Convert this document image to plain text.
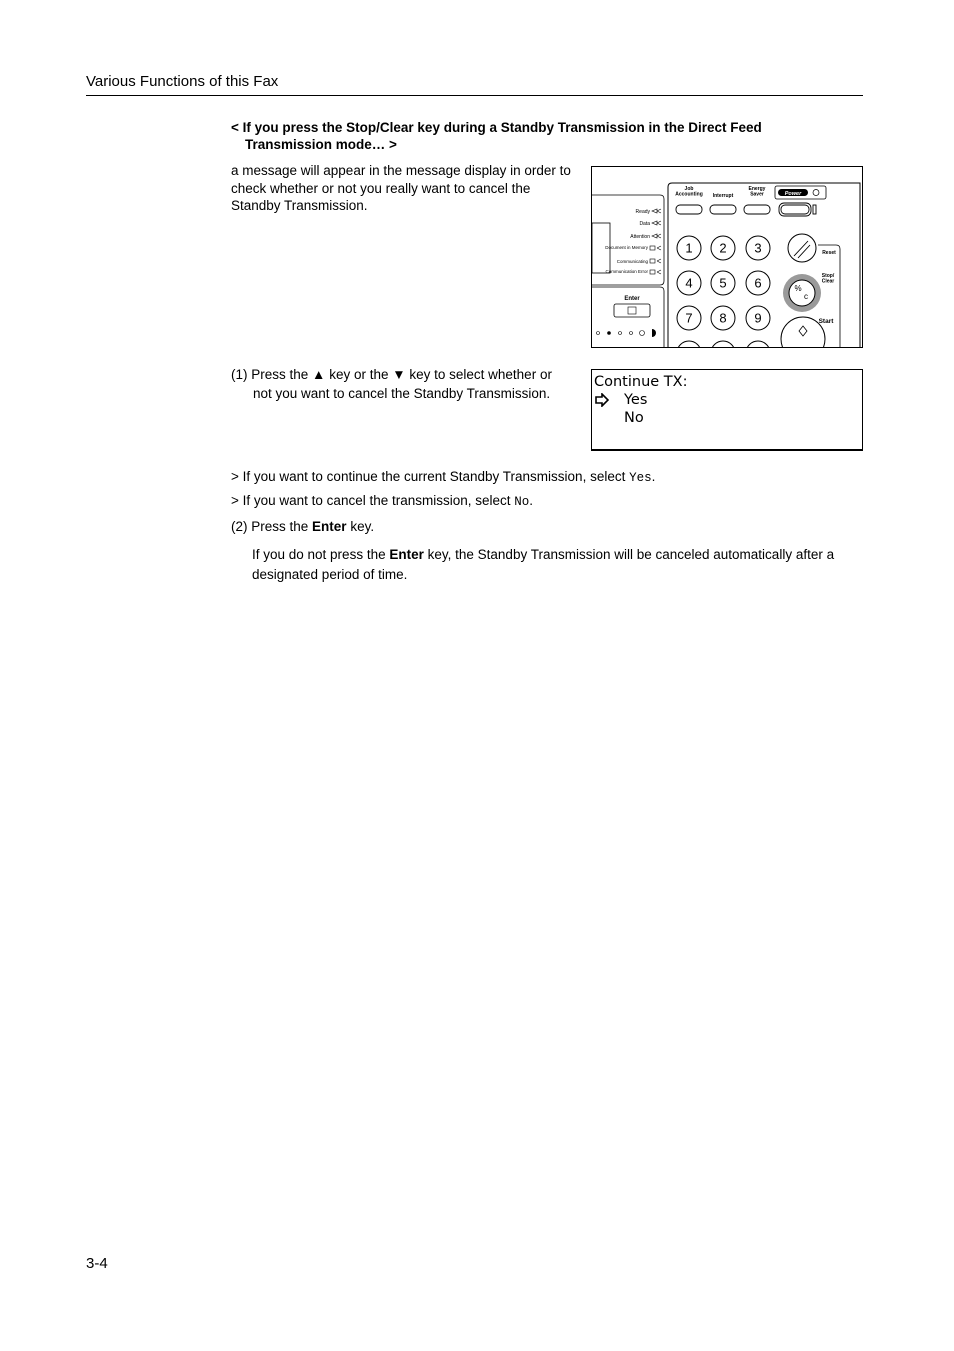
Various Functions of this Fax
< If you press the Stop/Clear key during a Standby Transmission in the Direct Feed
Transmission mode… >
a message will appear in the message display in order to check whether or not you really want to cancel the Standby Transmission.	Ready
Data
Attention
Document in Memory
Communicating
Communication Error
Enter
Job Accounting Interrupt
Energy Saver	Power
1 2 3
4 5 6
7 8 9
Reset
Stop/ Clear
Start
%
c
(1) Press the ▲ key or the ▼ key to select whether or
not you want to cancel the Standby Transmission.
Continue TX:
Yes
No
> If you want to continue the current Standby Transmission, select Yes.
> If you want to cancel the transmission, select No.
(2) Press the Enter key.
If you do not press the Enter key, the Standby Transmission will be canceled automatically after a designated period of time.
3-4
